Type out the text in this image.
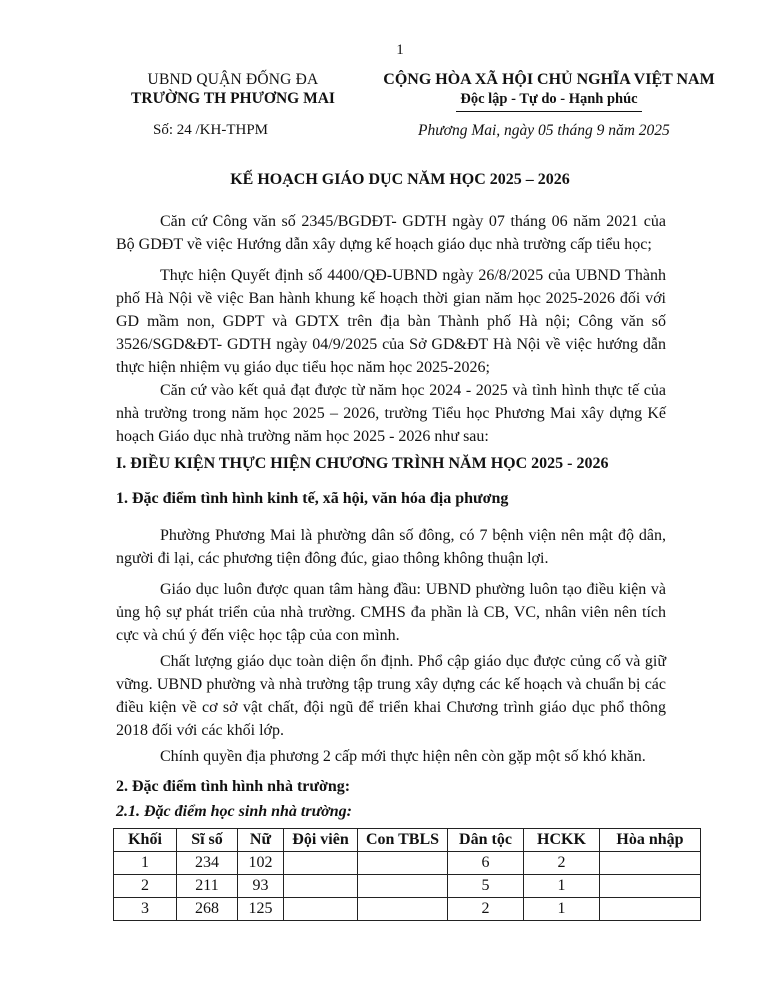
1
UBND QUẬN ĐỐNG ĐA
TRƯỜNG TH PHƯƠNG MAI
CỘNG HÒA XÃ HỘI CHỦ NGHĨA VIỆT NAM
Độc lập - Tự do - Hạnh phúc
Số: 24 /KH-THPM	Phương Mai, ngày 05 tháng 9 năm 2025
KẾ HOẠCH GIÁO DỤC NĂM HỌC 2025 – 2026
Căn cứ Công văn số 2345/BGDĐT- GDTH ngày 07 tháng 06 năm 2021 của Bộ GDĐT về việc Hướng dẫn xây dựng kế hoạch giáo dục nhà trường cấp tiểu học;
Thực hiện Quyết định số 4400/QĐ-UBND ngày 26/8/2025 của UBND Thành phố Hà Nội về việc Ban hành khung kế hoạch thời gian năm học 2025-2026 đối với GD mầm non, GDPT và GDTX trên địa bàn Thành phố Hà nội; Công văn số 3526/SGD&ĐT- GDTH ngày 04/9/2025 của Sở GD&ĐT Hà Nội về việc hướng dẫn thực hiện nhiệm vụ giáo dục tiểu học năm học 2025-2026;
Căn cứ vào kết quả đạt được từ năm học 2024 - 2025 và tình hình thực tế của nhà trường trong năm học 2025 – 2026, trường Tiểu học Phương Mai xây dựng Kế hoạch Giáo dục nhà trường năm học 2025 - 2026 như sau:
I. ĐIỀU KIỆN THỰC HIỆN CHƯƠNG TRÌNH NĂM HỌC 2025 - 2026
1. Đặc điểm tình hình kinh tế, xã hội, văn hóa địa phương
Phường Phương Mai là phường dân số đông, có 7 bệnh viện nên mật độ dân, người đi lại, các phương tiện đông đúc, giao thông không thuận lợi.
Giáo dục luôn được quan tâm hàng đầu: UBND phường luôn tạo điều kiện và ủng hộ sự phát triển của nhà trường. CMHS đa phần là CB, VC, nhân viên nên tích cực và chú ý đến việc học tập của con mình.
Chất lượng giáo dục toàn diện ổn định. Phổ cập giáo dục được củng cố và giữ vững. UBND phường và nhà trường tập trung xây dựng các kế hoạch và chuẩn bị các điều kiện về cơ sở vật chất, đội ngũ để triển khai Chương trình giáo dục phổ thông 2018 đối với các khối lớp.
Chính quyền địa phương 2 cấp mới thực hiện nên còn gặp một số khó khăn.
2. Đặc điểm tình hình nhà trường:
2.1. Đặc điểm học sinh nhà trường:
Khối	Sĩ số	Nữ	Đội viên	Con TBLS	Dân tộc	HCKK	Hòa nhập
1	234	102			6	2	
2	211	93			5	1	
3	268	125			2	1	
